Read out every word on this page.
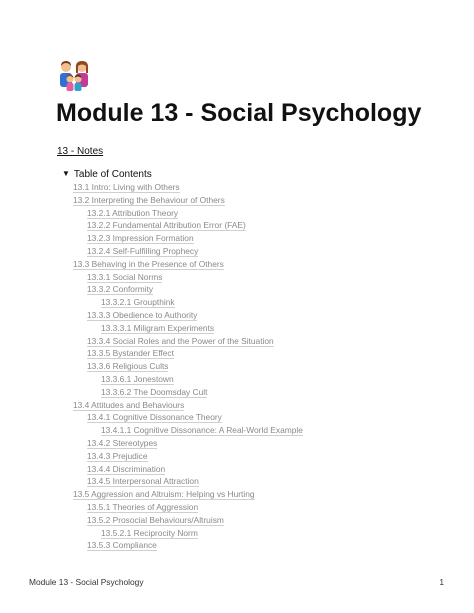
Module 13 - Social Psychology
13 - Notes
▼ Table of Contents
13.1 Intro: Living with Others
13.2 Interpreting the Behaviour of Others
13.2.1 Attribution Theory
13.2.2 Fundamental Attribution Error (FAE)
13.2.3 Impression Formation
13.2.4 Self-Fulfilling Prophecy
13.3 Behaving in the Presence of Others
13.3.1 Social Norms
13.3.2 Conformity
13.3.2.1 Groupthink
13.3.3 Obedience to Authority
13.3.3.1 Miligram Experiments
13.3.4 Social Roles and the Power of the Situation
13.3.5 Bystander Effect
13.3.6 Religious Cults
13.3.6.1 Jonestown
13.3.6.2 The Doomsday Cult
13.4 Attitudes and Behaviours
13.4.1 Cognitive Dissonance Theory
13.4.1.1 Cognitive Dissonance: A Real-World Example
13.4.2 Stereotypes
13.4.3 Prejudice
13.4.4 Discrimination
13.4.5 Interpersonal Attraction
13.5 Aggression and Altruism: Helping vs Hurting
13.5.1 Theories of Aggression
13.5.2 Prosocial Behaviours/Altruism
13.5.2.1 Reciprocity Norm
13.5.3 Compliance
Module 13 - Social Psychology	1
